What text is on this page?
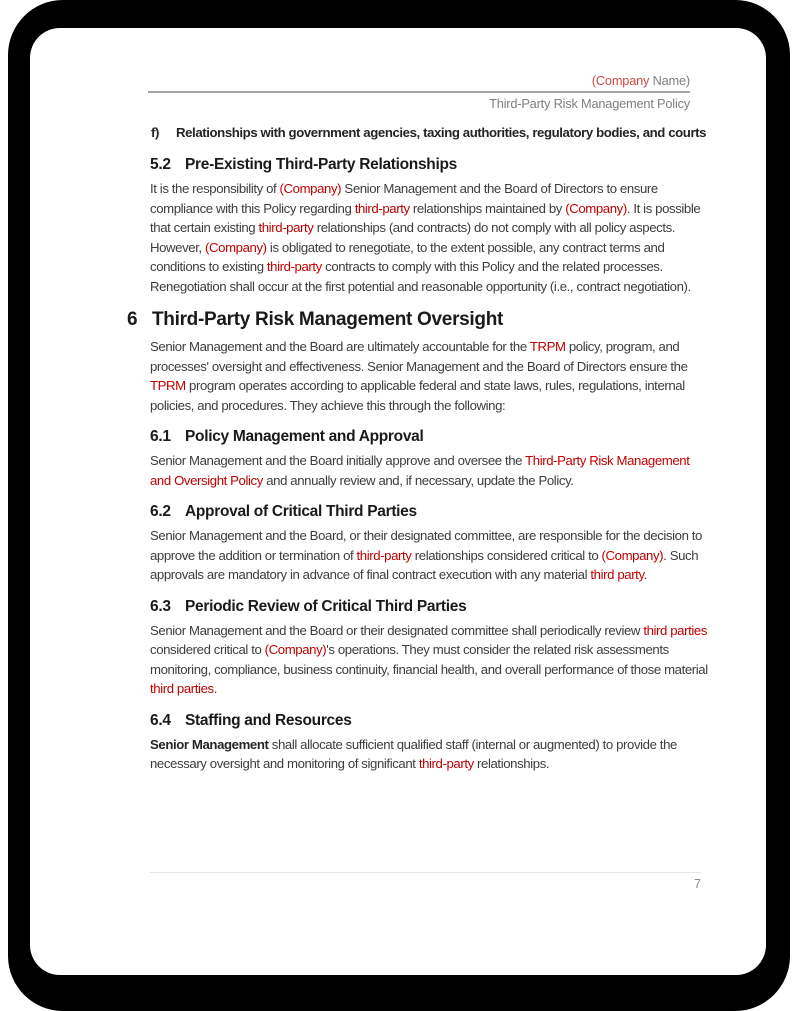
(Company Name)
Third-Party Risk Management Policy
f)	Relationships with government agencies, taxing authorities, regulatory bodies, and courts
5.2 Pre-Existing Third-Party Relationships
It is the responsibility of (Company) Senior Management and the Board of Directors to ensure compliance with this Policy regarding third-party relationships maintained by (Company). It is possible that certain existing third-party relationships (and contracts) do not comply with all policy aspects. However, (Company) is obligated to renegotiate, to the extent possible, any contract terms and conditions to existing third-party contracts to comply with this Policy and the related processes. Renegotiation shall occur at the first potential and reasonable opportunity (i.e., contract negotiation).
6 Third-Party Risk Management Oversight
Senior Management and the Board are ultimately accountable for the TRPM policy, program, and processes' oversight and effectiveness. Senior Management and the Board of Directors ensure the TPRM program operates according to applicable federal and state laws, rules, regulations, internal policies, and procedures. They achieve this through the following:
6.1 Policy Management and Approval
Senior Management and the Board initially approve and oversee the Third-Party Risk Management and Oversight Policy and annually review and, if necessary, update the Policy.
6.2 Approval of Critical Third Parties
Senior Management and the Board, or their designated committee, are responsible for the decision to approve the addition or termination of third-party relationships considered critical to (Company). Such approvals are mandatory in advance of final contract execution with any material third party.
6.3 Periodic Review of Critical Third Parties
Senior Management and the Board or their designated committee shall periodically review third parties considered critical to (Company)'s operations. They must consider the related risk assessments monitoring, compliance, business continuity, financial health, and overall performance of those material third parties.
6.4 Staffing and Resources
Senior Management shall allocate sufficient qualified staff (internal or augmented) to provide the necessary oversight and monitoring of significant third-party relationships.
7
